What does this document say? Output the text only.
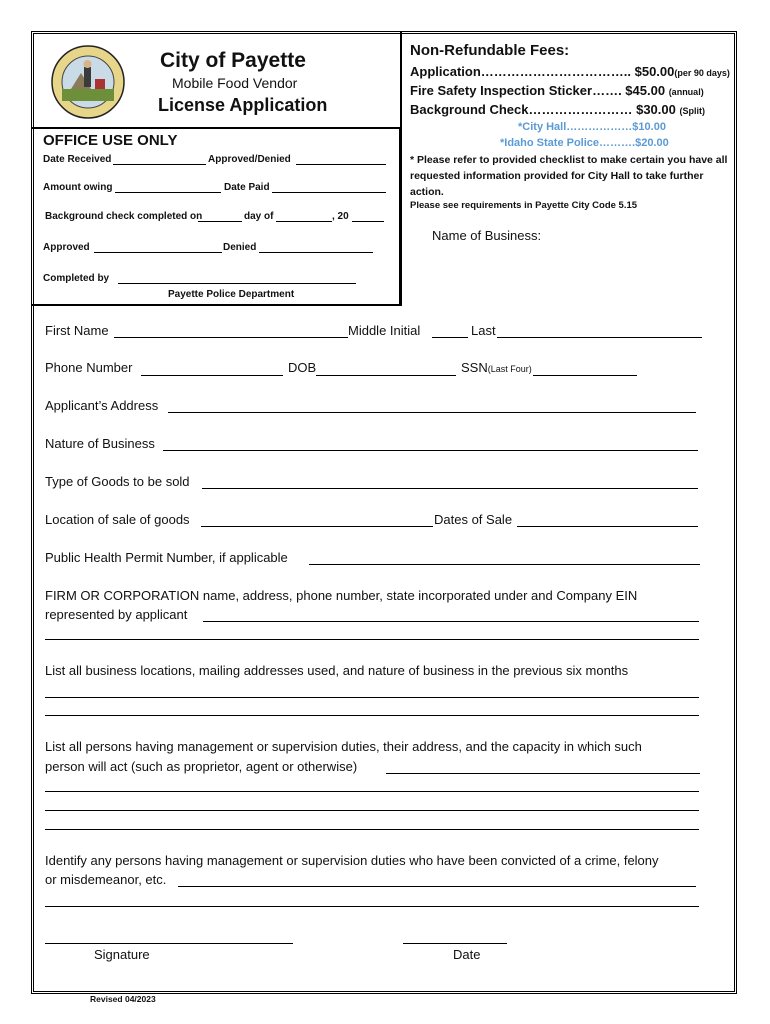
City of Payette
Mobile Food Vendor
License Application
OFFICE USE ONLY
Date Received	Approved/Denied
Amount owing	Date Paid
Background check completed on	day of	, 20
Approved	Denied
Completed by
Payette Police Department
Non-Refundable Fees:
Application…………………………….. $50.00(per 90 days)
Fire Safety Inspection Sticker……. $45.00 (annual)
Background Check…………………… $30.00 (Split)
*City Hall………………$10.00
*Idaho State Police……….$20.00
* Please refer to provided checklist to make certain you have all requested information provided for City Hall to take further action.
Please see requirements in Payette City Code 5.15
Name of Business:
First Name	Middle Initial	Last
Phone Number	DOB	SSN(Last Four)
Applicant’s Address
Nature of Business
Type of Goods to be sold
Location of sale of goods	Dates of Sale
Public Health Permit Number, if applicable
FIRM OR CORPORATION name, address, phone number, state incorporated under and Company EIN
represented by applicant
List all business locations, mailing addresses used, and nature of business in the previous six months
List all persons having management or supervision duties, their address, and the capacity in which such
person will act (such as proprietor, agent or otherwise)
Identify any persons having management or supervision duties who have been convicted of a crime, felony
or misdemeanor, etc.
Signature	Date
Revised 04/2023
